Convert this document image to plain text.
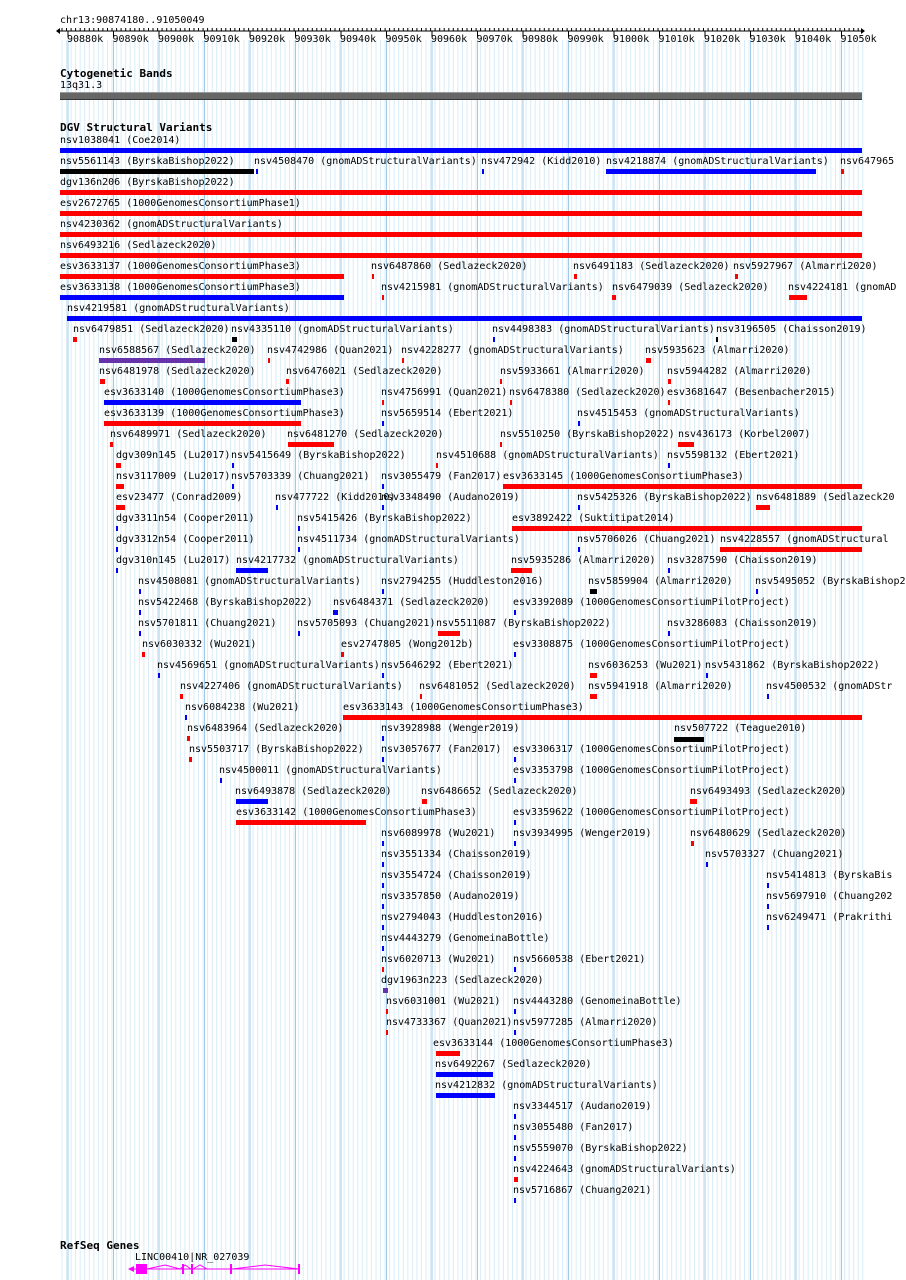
chr13:90874180..91050049
90880k 90890k 90900k 90910k 90920k 90930k 90940k 90950k 90960k 90970k 90980k 90990k 91000k 91010k 91020k 91030k 91040k 91050k
Cytogenetic Bands
13q31.3
DGV Structural Variants
nsv1038041 (Coe2014)
nsv5561143 (ByrskaBishop2022) nsv4508470 (gnomADStructuralVariants) nsv472942 (Kidd2010) nsv4218874 (gnomADStructuralVariants) nsv647965
dgv136n206 (ByrskaBishop2022)
esv2672765 (1000GenomesConsortiumPhase1)
nsv4230362 (gnomADStructuralVariants)
nsv6493216 (Sedlazeck2020)
esv3633137 (1000GenomesConsortiumPhase3)	nsv6487860 (Sedlazeck2020)	nsv6491183 (Sedlazeck2020) nsv5927967 (Almarri2020)
esv3633138 (1000GenomesConsortiumPhase3)	nsv4215981 (gnomADStructuralVariants) nsv6479039 (Sedlazeck2020) nsv4224181 (gnomAD
nsv4219581 (gnomADStructuralVariants)
nsv6479851 (Sedlazeck2020) nsv4335110 (gnomADStructuralVariants)	nsv4498383 (gnomADStructuralVariants) nsv3196505 (Chaisson2019)
nsv6588567 (Sedlazeck2020) nsv4742986 (Quan2021) nsv4228277 (gnomADStructuralVariants) nsv5935623 (Almarri2020)
nsv6481978 (Sedlazeck2020)	nsv6476021 (Sedlazeck2020)	nsv5933661 (Almarri2020) nsv5944282 (Almarri2020)
esv3633140 (1000GenomesConsortiumPhase3)	nsv4756991 (Quan2021) nsv6478380 (Sedlazeck2020) esv3681647 (Besenbacher2015)
esv3633139 (1000GenomesConsortiumPhase3)	nsv5659514 (Ebert2021)	nsv4515453 (gnomADStructuralVariants)
nsv6489971 (Sedlazeck2020) nsv6481270 (Sedlazeck2020)	nsv5510250 (ByrskaBishop2022) nsv436173 (Korbel2007)
dgv309n145 (Lu2017) nsv5415649 (ByrskaBishop2022)	nsv4510688 (gnomADStructuralVariants) nsv5598132 (Ebert2021)
nsv3117009 (Lu2017) nsv5703339 (Chuang2021) nsv3055479 (Fan2017) esv3633145 (1000GenomesConsortiumPhase3)
esv23477 (Conrad2009)	nsv477722 (Kidd2010)
nsv3348490 (Audano2019)	nsv5425326 (ByrskaBishop2022) nsv6481889 (Sedlazeck20
dgv3311n54 (Cooper2011)	nsv5415426 (ByrskaBishop2022)	esv3892422 (Suktitipat2014)
dgv3312n54 (Cooper2011)	nsv4511734 (gnomADStructuralVariants)	nsv5706026 (Chuang2021) nsv4228557 (gnomADStructural
dgv310n145 (Lu2017) nsv4217732 (gnomADStructuralVariants)	nsv5935286 (Almarri2020) nsv3287590 (Chaisson2019)
nsv4508081 (gnomADStructuralVariants) nsv2794255 (Huddleston2016)	nsv5859904 (Almarri2020) nsv5495052 (ByrskaBishop2
nsv5422468 (ByrskaBishop2022) nsv6484371 (Sedlazeck2020) esv3392089 (1000GenomesConsortiumPilotProject)
nsv5701811 (Chuang2021) nsv5705093 (Chuang2021) nsv5511087 (ByrskaBishop2022)	nsv3286083 (Chaisson2019)
nsv6030332 (Wu2021)	esv2747805 (Wong2012b)	esv3308875 (1000GenomesConsortiumPilotProject)
nsv4569651 (gnomADStructuralVariants) nsv5646292 (Ebert2021)	nsv6036253 (Wu2021) nsv5431862 (ByrskaBishop2022)
nsv4227406 (gnomADStructuralVariants) nsv6481052 (Sedlazeck2020) nsv5941918 (Almarri2020)	nsv4500532 (gnomADStr
nsv6084238 (Wu2021)	esv3633143 (1000GenomesConsortiumPhase3)
nsv6483964 (Sedlazeck2020)	nsv3928988 (Wenger2019)	nsv507722 (Teague2010)
nsv5503717 (ByrskaBishop2022) nsv3057677 (Fan2017) esv3306317 (1000GenomesConsortiumPilotProject)
nsv4500011 (gnomADStructuralVariants)	esv3353798 (1000GenomesConsortiumPilotProject)
nsv6493878 (Sedlazeck2020)	nsv6486652 (Sedlazeck2020)	nsv6493493 (Sedlazeck2020)
esv3633142 (1000GenomesConsortiumPhase3)	esv3359622 (1000GenomesConsortiumPilotProject)
nsv6089978 (Wu2021) nsv3934995 (Wenger2019)	nsv6480629 (Sedlazeck2020)
nsv3551334 (Chaisson2019)	nsv5703327 (Chuang2021)
nsv3554724 (Chaisson2019)	nsv5414813 (ByrskaBis
nsv3357850 (Audano2019)	nsv5697910 (Chuang202
nsv2794043 (Huddleston2016)	nsv6249471 (Prakrithi
nsv4443279 (GenomeinaBottle)
nsv6020713 (Wu2021) nsv5660538 (Ebert2021)
dgv1963n223 (Sedlazeck2020)
nsv6031001 (Wu2021) nsv4443280 (GenomeinaBottle)
nsv4733367 (Quan2021) nsv5977285 (Almarri2020)
esv3633144 (1000GenomesConsortiumPhase3)
nsv6492267 (Sedlazeck2020)
nsv4212832 (gnomADStructuralVariants)
nsv3344517 (Audano2019)
nsv3055480 (Fan2017)
nsv5559070 (ByrskaBishop2022)
nsv4224643 (gnomADStructuralVariants)
nsv5716867 (Chuang2021)
RefSeq Genes
LINC00410|NR_027039
